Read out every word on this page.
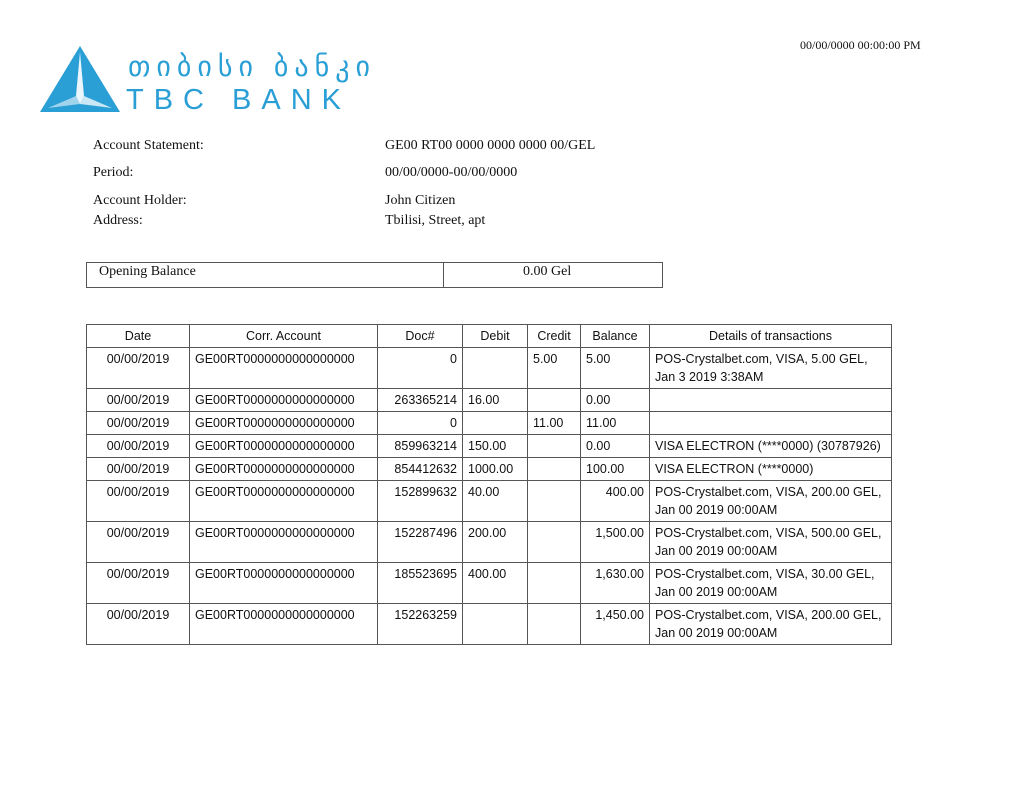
00/00/0000 00:00:00 PM
თიბისი ბანკი
TBC BANK
Account Statement:	GE00 RT00 0000 0000 0000 00/GEL
Period:	00/00/0000-00/00/0000
Account Holder:	John Citizen
Address:	Tbilisi, Street, apt
Opening Balance	0.00 Gel
Date	Corr. Account	Doc#	Debit	Credit	Balance	Details of transactions
00/00/2019	GE00RT0000000000000000	0		5.00	5.00	POS-Crystalbet.com, VISA, 5.00 GEL, Jan 3 2019 3:38AM
00/00/2019	GE00RT0000000000000000	263365214	16.00		0.00	
00/00/2019	GE00RT0000000000000000	0		11.00	11.00	
00/00/2019	GE00RT0000000000000000	859963214	150.00		0.00	VISA ELECTRON (****0000) (30787926)
00/00/2019	GE00RT0000000000000000	854412632	1000.00		100.00	VISA ELECTRON (****0000)
00/00/2019	GE00RT0000000000000000	152899632	40.00		400.00	POS-Crystalbet.com, VISA, 200.00 GEL, Jan 00 2019 00:00AM
00/00/2019	GE00RT0000000000000000	152287496	200.00		1,500.00	POS-Crystalbet.com, VISA, 500.00 GEL, Jan 00 2019 00:00AM
00/00/2019	GE00RT0000000000000000	185523695	400.00		1,630.00	POS-Crystalbet.com, VISA, 30.00 GEL, Jan 00 2019 00:00AM
00/00/2019	GE00RT0000000000000000	152263259			1,450.00	POS-Crystalbet.com, VISA, 200.00 GEL, Jan 00 2019 00:00AM
